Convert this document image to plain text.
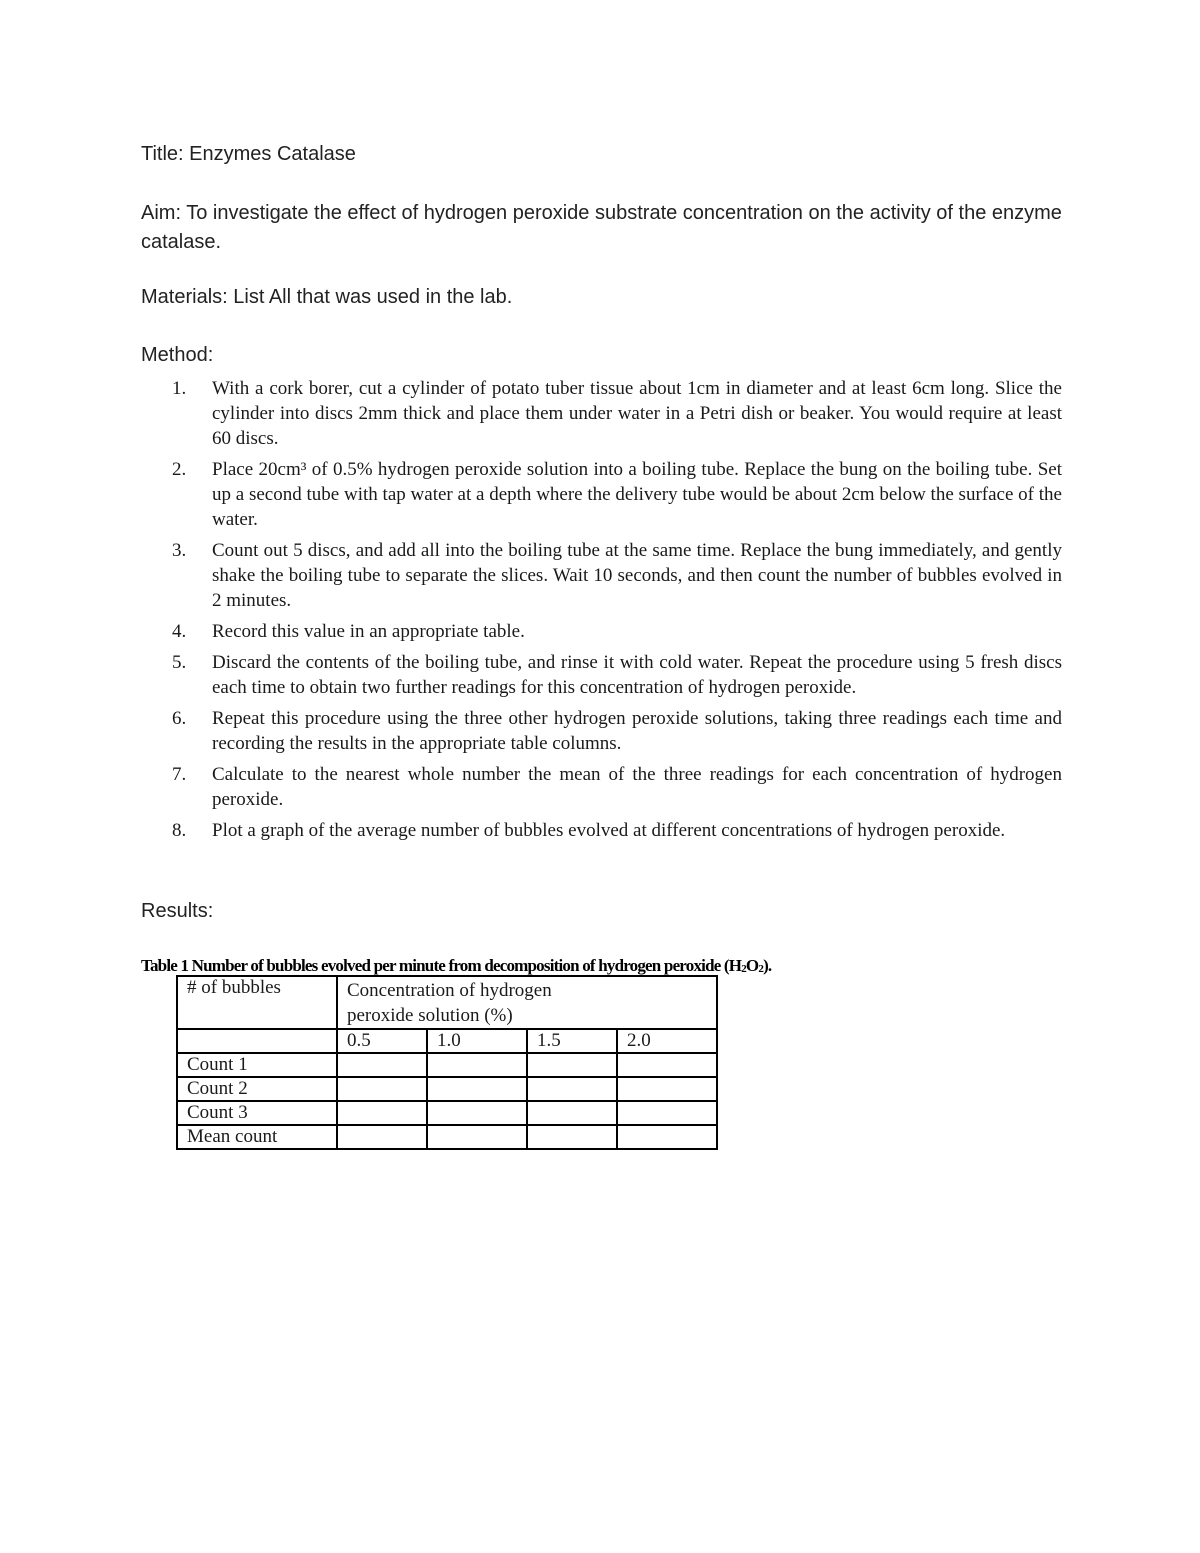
Title: Enzymes Catalase
Aim: To investigate the effect of hydrogen peroxide substrate concentration on the activity of the enzyme catalase.
Materials: List All that was used in the lab.
Method:
1. With a cork borer, cut a cylinder of potato tuber tissue about 1cm in diameter and at least 6cm long. Slice the cylinder into discs 2mm thick and place them under water in a Petri dish or beaker. You would require at least 60 discs.
2. Place 20cm³ of 0.5% hydrogen peroxide solution into a boiling tube. Replace the bung on the boiling tube. Set up a second tube with tap water at a depth where the delivery tube would be about 2cm below the surface of the water.
3. Count out 5 discs, and add all into the boiling tube at the same time. Replace the bung immediately, and gently shake the boiling tube to separate the slices. Wait 10 seconds, and then count the number of bubbles evolved in 2 minutes.
4. Record this value in an appropriate table.
5. Discard the contents of the boiling tube, and rinse it with cold water. Repeat the procedure using 5 fresh discs each time to obtain two further readings for this concentration of hydrogen peroxide.
6. Repeat this procedure using the three other hydrogen peroxide solutions, taking three readings each time and recording the results in the appropriate table columns.
7. Calculate to the nearest whole number the mean of the three readings for each concentration of hydrogen peroxide.
8. Plot a graph of the average number of bubbles evolved at different concentrations of hydrogen peroxide.
Results:
Table 1 Number of bubbles evolved per minute from decomposition of hydrogen peroxide $(H_2O_2)$.
# of bubbles	Concentration of hydrogen peroxide solution (%)			

	0.5	1.0	1.5	2.0
Count 1				
Count 2				
Count 3				
Mean count				
